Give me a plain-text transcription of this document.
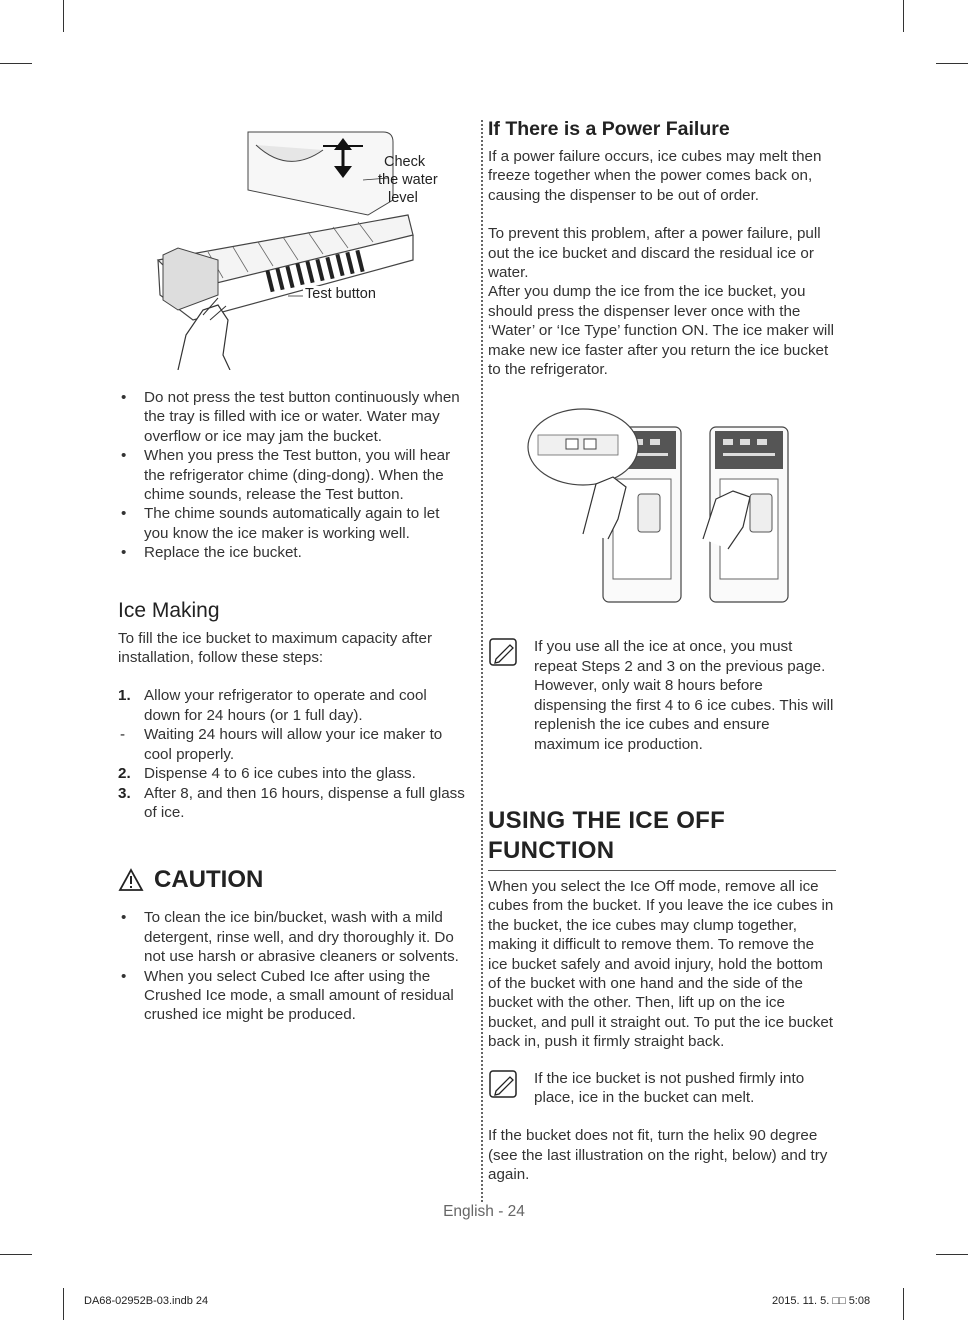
Check
the water
level
Test button
• Do not press the test button continuously when the tray is filled with ice or water. Water may overflow or ice may jam the bucket.
• When you press the Test button, you will hear the refrigerator chime (ding-dong). When the chime sounds, release the Test button.
• The chime sounds automatically again to let you know the ice maker is working well.
• Replace the ice bucket.
Ice Making

To fill the ice bucket to maximum capacity after installation, follow these steps:

1. Allow your refrigerator to operate and cool down for 24 hours (or 1 full day).
- Waiting 24 hours will allow your ice maker to cool properly.
2. Dispense 4 to 6 ice cubes into the glass.
3. After 8, and then 16 hours, dispense a full glass of ice.
CAUTION
• To clean the ice bin/bucket, wash with a mild detergent, rinse well, and dry thoroughly it. Do not use harsh or abrasive cleaners or solvents.
• When you select Cubed Ice after using the Crushed Ice mode, a small amount of residual crushed ice might be produced.
If There is a Power Failure

If a power failure occurs, ice cubes may melt then freeze together when the power comes back on, causing the dispenser to be out of order.

To prevent this problem, after a power failure, pull out the ice bucket and discard the residual ice or water.

After you dump the ice from the ice bucket, you should press the dispenser lever once with the ‘Water’ or ‘Ice Type’ function ON. The ice maker will make new ice faster after you return the ice bucket to the refrigerator.

If you use all the ice at once, you must repeat Steps 2 and 3 on the previous page. However, only wait 8 hours before dispensing the first 4 to 6 ice cubes. This will replenish the ice cubes and ensure maximum ice production.

USING THE ICE OFF
FUNCTION

When you select the Ice Off mode, remove all ice cubes from the bucket. If you leave the ice cubes in the bucket, the ice cubes may clump together, making it difficult to remove them. To remove the ice bucket safely and avoid injury, hold the bottom of the bucket with one hand and the side of the bucket with the other. Then, lift up on the ice bucket, and pull it straight out. To put the ice bucket back in, push it firmly straight back.

If the ice bucket is not pushed firmly into place, ice in the bucket can melt.

If the bucket does not fit, turn the helix 90 degree (see the last illustration on the right, below) and try again.

English - 24
DA68-02952B-03.indb 24	2015. 11. 5. □□ 5:08
